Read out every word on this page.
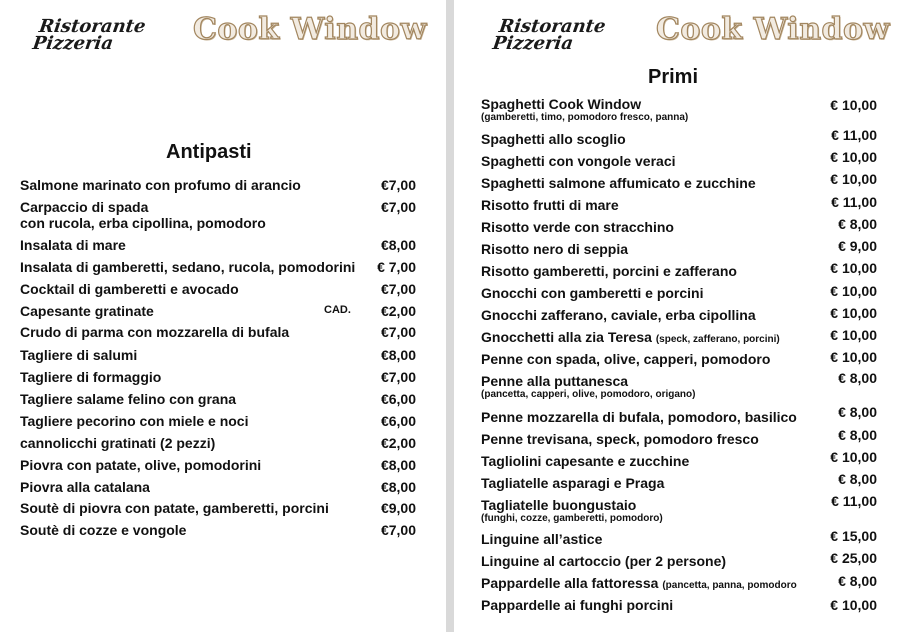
Ristorante
Pizzeria	Cook Window
Antipasti
CAD.
Salmone marinato con profumo di arancio	€7,00
Carpaccio di spada
con rucola, erba cipollina, pomodoro
€7,00
Insalata di mare	€8,00
Insalata di gamberetti, sedano, rucola, pomodorini € 7,00
Cocktail di gamberetti e avocado	€7,00
Capesante gratinate	€2,00
Crudo di parma con mozzarella di bufala	€7,00
Tagliere di salumi	€8,00
Tagliere di formaggio	€7,00
Tagliere salame felino con grana	€6,00
Tagliere pecorino con miele e noci	€6,00
cannolicchi gratinati (2 pezzi)	€2,00
Piovra con patate, olive, pomodorini	€8,00
Piovra alla catalana	€8,00
Soutè di piovra con patate, gamberetti, porcini	€9,00
Soutè di cozze e vongole	€7,00
Ristorante
Pizzeria	Cook Window
Primi
Spaghetti Cook Window
(gamberetti, timo, pomodoro fresco, panna)
€ 10,00
Spaghetti allo scoglio	€ 11,00
Spaghetti con vongole veraci	€ 10,00
Spaghetti salmone affumicato e zucchine	€ 10,00
Risotto frutti di mare	€ 11,00
Risotto verde con stracchino	€ 8,00
Risotto nero di seppia	€ 9,00
Risotto gamberetti, porcini e zafferano	€ 10,00
Gnocchi con gamberetti e porcini	€ 10,00
Gnocchi zafferano, caviale, erba cipollina	€ 10,00
Gnocchetti alla zia Teresa (speck, zafferano, porcini)	€ 10,00
Penne con spada, olive, capperi, pomodoro	€ 10,00
Penne alla puttanesca
(pancetta, capperi, olive, pomodoro, origano)
€ 8,00
Penne mozzarella di bufala, pomodoro, basilico	€ 8,00
Penne trevisana, speck, pomodoro fresco	€ 8,00
Tagliolini capesante e zucchine	€ 10,00
Tagliatelle asparagi e Praga	€ 8,00
Tagliatelle buongustaio
(funghi, cozze, gamberetti, pomodoro)
€ 11,00
Linguine all’astice	€ 15,00
Linguine al cartoccio (per 2 persone)	€ 25,00
Pappardelle alla fattoressa (pancetta, panna, pomodoro	€ 8,00
Pappardelle ai funghi porcini	€ 10,00
